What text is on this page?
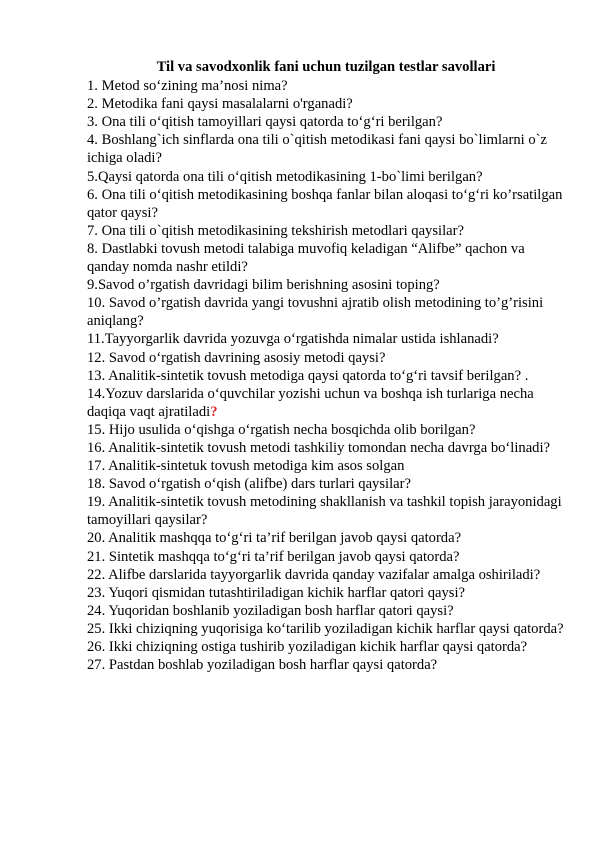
Til va savodxonlik fani uchun tuzilgan testlar savollari

1. Metod so‘zining ma’nosi nima?

2. Metodika fani qaysi masalalarni o'rganadi?

3. Ona tili o‘qitish tamoyillari qaysi qatorda to‘g‘ri berilgan?

4. Boshlang`ich sinflarda ona tili o`qitish metodikasi fani qaysi bo`limlarni o`z ichiga oladi?

5.Qaysi qatorda ona tili o‘qitish metodikasining 1-bo`limi berilgan?

6. Ona tili o‘qitish metodikasining boshqa fanlar bilan aloqasi to‘g‘ri ko’rsatilgan qator qaysi?

7. Ona tili o`qitish metodikasining tekshirish metodlari qaysilar?

8. Dastlabki tovush metodi talabiga muvofiq keladigan “Alifbe” qachon va qanday nomda nashr etildi?

9.Savod o’rgatish davridagi bilim berishning asosini toping?

10. Savod o’rgatish davrida yangi tovushni ajratib olish metodining to’g’risini aniqlang?

11.Tayyorgarlik davrida yozuvga o‘rgatishda nimalar ustida ishlanadi?

12. Savod o‘rgatish davrining asosiy metodi qaysi?

13. Analitik-sintetik tovush metodiga qaysi qatorda to‘g‘ri tavsif berilgan? .

14.Yozuv darslarida o‘quvchilar yozishi uchun va boshqa ish turlariga necha daqiqa vaqt ajratiladi?

15. Hijo usulida o‘qishga o‘rgatish necha bosqichda olib borilgan?

16. Analitik-sintetik tovush metodi tashkiliy tomondan necha davrga bo‘linadi?

17. Analitik-sintetuk tovush metodiga kim asos solgan

18. Savod o‘rgatish o‘qish (alifbe) dars turlari qaysilar?

19. Analitik-sintetik tovush metodining shakllanish va tashkil topish jarayonidagi tamoyillari qaysilar?

20. Analitik mashqqa to‘g‘ri ta’rif berilgan javob qaysi qatorda?

21. Sintetik mashqqa to‘g‘ri ta’rif berilgan javob qaysi qatorda?

22. Alifbe darslarida tayyorgarlik davrida qanday vazifalar amalga oshiriladi?

23. Yuqori qismidan tutashtiriladigan kichik harflar qatori qaysi?

24. Yuqoridan boshlanib yoziladigan bosh harflar qatori qaysi?

25. Ikki chiziqning yuqorisiga ko‘tarilib yoziladigan kichik harflar qaysi qatorda?

26. Ikki chiziqning ostiga tushirib yoziladigan kichik harflar qaysi qatorda?

27. Pastdan boshlab yoziladigan bosh harflar qaysi qatorda?
